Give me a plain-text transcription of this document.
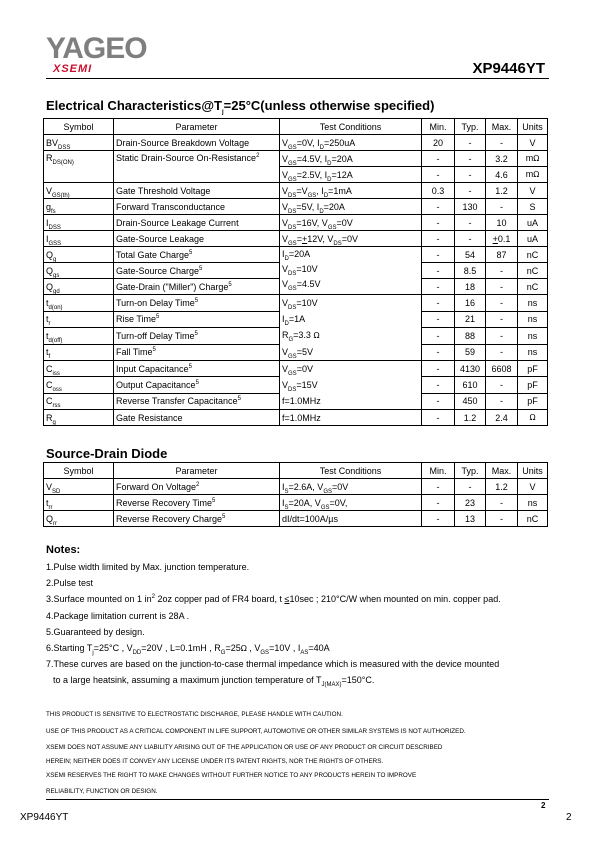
YAGEO
XSEMI	XP9446YT
Electrical $Characteristics@T_j=25^\circ C(unless$ otherwise specified)
Symbol	Parameter	Test Conditions	Min.	Typ.	Max.	Units
$BV_{DSS}$	Drain-Source Breakdown Voltage	$V_{GS}=0V$, $I_D=250uA$	20	-	-	V
$R_{DS(ON)}$	Static Drain-Source On-Resistance$^2$	$V_{GS}=4.5V$, $I_D=20A$	-	-	3.2	mΩ
		$V_{GS}=2.5V$, $I_D=12A$	-	-	4.6	mΩ
$V_{GS(th)}$	Gate Threshold Voltage	$V_{DS}=V_{GS}$, $I_D=1mA$	0.3	-	1.2	V
$g_{fs}$	Forward Transconductance	$V_{DS}=5V$, $I_D=20A$	-	130	-	S
$I_{DSS}$	Drain-Source Leakage Current	$V_{DS}=16V$, $V_{GS}=0V$	-	-	10	uA
$I_{GSS}$	Gate-Source Leakage	$V_{GS}=+12V$, $V_{DS}=0V$	-	-	+0.1	uA
$Q_g$	Total Gate Charge$^5$	$I_D=20A$
$V_{DS}=10V$
$V_{GS}=4.5V$	-	54	87	nC
$Q_{gs}$	Gate-Source Charge$^5$		-	8.5	-	nC
$Q_{gd}$	Gate-Drain ("Miller") Charge$^5$		-	18	-	nC
$t_{d(on)}$	Turn-on Delay Time$^5$	$V_{DS}=10V$
$I_D=1A$
$R_G=3.3$ Ω
$V_{GS}=5V$	-	16	-	ns
$t_r$	Rise Time$^5$		-	21	-	ns
$t_{d(off)}$	Turn-off Delay Time$^5$		-	88	-	ns
$t_f$	Fall Time$^5$		-	59	-	ns
$C_{iss}$	Input Capacitance$^5$	$V_{GS}=0V$
$V_{DS}=15V$
f=1.0MHz	-	4130	6608	pF
$C_{oss}$	Output Capacitance$^5$		-	610	-	pF
$C_{rss}$	Reverse Transfer Capacitance$^5$		-	450	-	pF
$R_g$	Gate Resistance	f=1.0MHz	-	1.2	2.4	Ω
Source-Drain Diode
Symbol	Parameter	Test Conditions	Min.	Typ.	Max.	Units
$V_{SD}$	Forward On Voltage$^2$	$I_S=2.6A$, $V_{GS}=0V$	-	-	1.2	V
$t_{rr}$	Reverse Recovery Time$^5$	$I_S=20A$, $V_{GS}=0V$,	-	23	-	ns
$Q_{rr}$	Reverse Recovery Charge$^5$	dI/dt=100A/µs	-	13	-	nC
Notes:
1.Pulse width limited by Max. junction temperature.
2.Pulse test
3.Surface mounted on 1 $in^2$ 2oz copper pad of FR4 board, t ≤10sec ; 210°C/W when mounted on min. copper pad.
4.Package limitation current is 28A .
5.Guaranteed by design.
6.Starting $T_j=25^\circ C$ , $V_{DD}=20V$ , L=0.1mH , $R_G=25\Omega$ , $V_{GS}=10V$ , $I_{AS}=40A$
7.These curves are based on the junction-to-case thermal impedance which is measured with the device mounted
to a large heatsink, assuming a maximum junction temperature of $T_{J(MAX)}=150^\circ C$.
THIS PRODUCT IS SENSITIVE TO ELECTROSTATIC DISCHARGE, PLEASE HANDLE WITH CAUTION.
USE OF THIS PRODUCT AS A CRITICAL COMPONENT IN LIFE SUPPORT, AUTOMOTIVE OR OTHER SIMILAR SYSTEMS IS NOT AUTHORIZED.
XSEMI DOES NOT ASSUME ANY LIABILITY ARISING OUT OF THE APPLICATION OR USE OF ANY PRODUCT OR CIRCUIT DESCRIBED
HEREIN; NEITHER DOES IT CONVEY ANY LICENSE UNDER ITS PATENT RIGHTS, NOR THE RIGHTS OF OTHERS.
XSEMI RESERVES THE RIGHT TO MAKE CHANGES WITHOUT FURTHER NOTICE TO ANY PRODUCTS HEREIN TO IMPROVE
RELIABILITY, FUNCTION OR DESIGN.
2
XP9446YT	2
